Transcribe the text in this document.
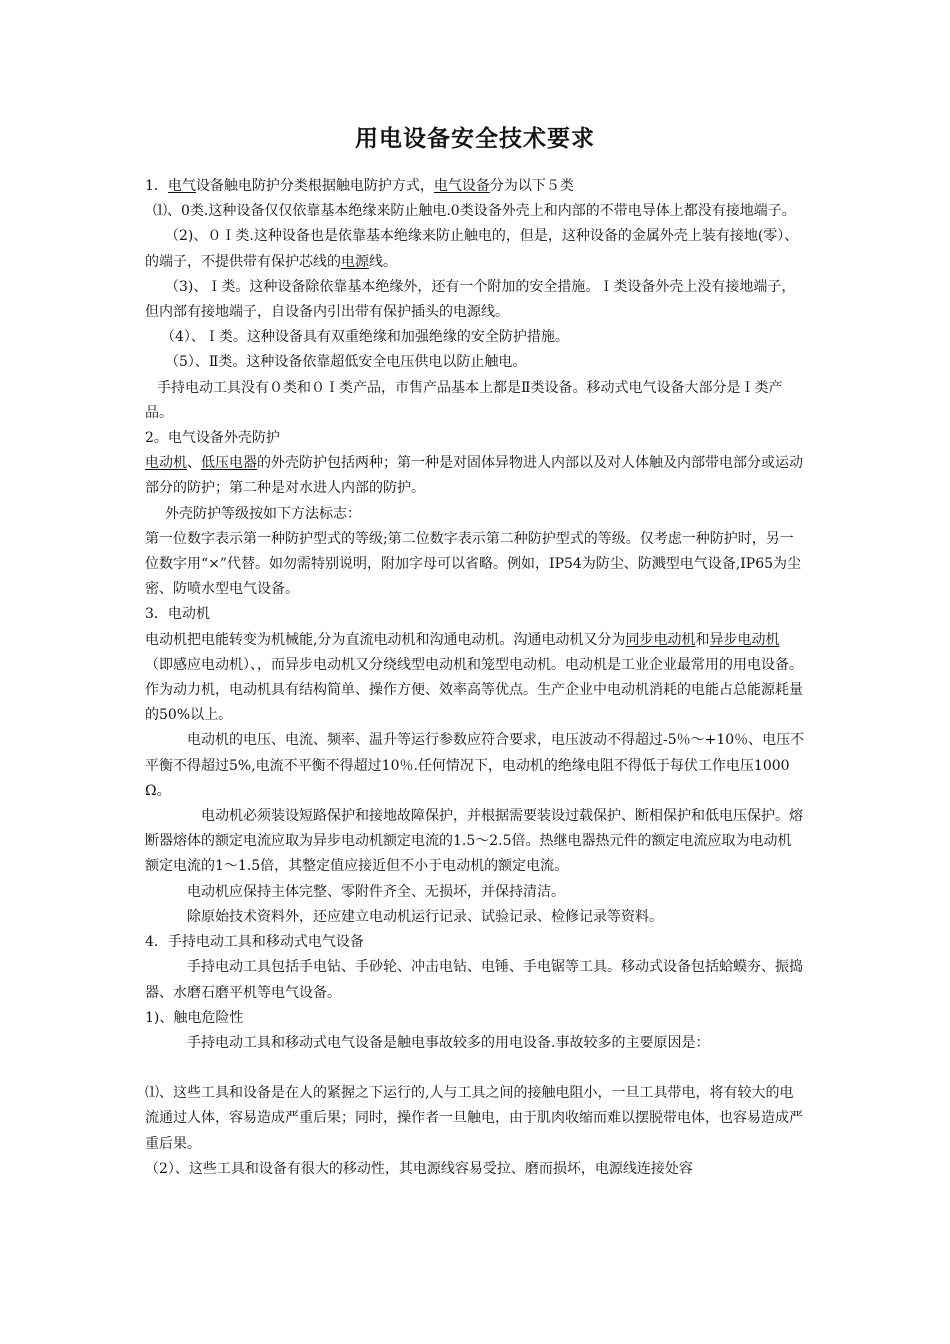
用电设备安全技术要求

1．电气设备触电防护分类根据触电防护方式，电气设备分为以下５类

⑴、0类.这种设备仅仅依靠基本绝缘来防止触电.0类设备外壳上和内部的不带电导体上都没有接地端子。

（2)、０Ｉ类.这种设备也是依靠基本绝缘来防止触电的，但是，这种设备的金属外壳上装有接地(零）、的端子，不提供带有保护芯线的电源线。

（3)、Ｉ类。这种设备除依靠基本绝缘外，还有一个附加的安全措施。Ｉ类设备外壳上没有接地端子，但内部有接地端子，自设备内引出带有保护插头的电源线。

（4）、Ｉ类。这种设备具有双重绝缘和加强绝缘的安全防护措施。

（5）、Ⅱ类。这种设备依靠超低安全电压供电以防止触电。

手持电动工具没有０类和０Ｉ类产品，市售产品基本上都是Ⅱ类设备。移动式电气设备大部分是Ｉ类产品。

2。电气设备外壳防护

电动机、低压电器的外壳防护包括两种；第一种是对固体异物进人内部以及对人体触及内部带电部分或运动部分的防护；第二种是对水进人内部的防护。

外壳防护等级按如下方法标志：

第一位数字表示第一种防护型式的等级;第二位数字表示第二种防护型式的等级。仅考虑一种防护时，另一位数字用“×”代替。如勿需特别说明，附加字母可以省略。例如，IP54为防尘、防溅型电气设备,IP65为尘密、防喷水型电气设备。

3．电动机

电动机把电能转变为机械能,分为直流电动机和沟通电动机。沟通电动机又分为同步电动机和异步电动机（即感应电动机）、，而异步电动机又分绕线型电动机和笼型电动机。电动机是工业企业最常用的用电设备。作为动力机，电动机具有结构简单、操作方便、效率高等优点。生产企业中电动机消耗的电能占总能源耗量的50%以上。

电动机的电压、电流、频率、温升等运行参数应符合要求，电压波动不得超过-5％～+10％、电压不平衡不得超过5%,电流不平衡不得超过10％.任何情况下，电动机的绝缘电阻不得低于每伏工作电压1000 Ω。

电动机必须装设短路保护和接地故障保护，并根据需要装设过载保护、断相保护和低电压保护。熔断器熔体的额定电流应取为异步电动机额定电流的1.5～2.5倍。热继电器热元件的额定电流应取为电动机额定电流的1～1.5倍，其整定值应接近但不小于电动机的额定电流。

电动机应保持主体完整、零附件齐全、无损坏，并保持清洁。

除原始技术资料外，还应建立电动机运行记录、试验记录、检修记录等资料。

4．手持电动工具和移动式电气设备

手持电动工具包括手电钻、手砂轮、冲击电钻、电锤、手电锯等工具。移动式设备包括蛤蟆夯、振捣器、水磨石磨平机等电气设备。

1)、触电危险性

手持电动工具和移动式电气设备是触电事故较多的用电设备.事故较多的主要原因是：

⑴、这些工具和设备是在人的紧握之下运行的,人与工具之间的接触电阻小，一旦工具带电，将有较大的电流通过人体，容易造成严重后果；同时，操作者一旦触电，由于肌肉收缩而难以摆脱带电体，也容易造成严重后果。

（2）、这些工具和设备有很大的移动性，其电源线容易受拉、磨而损坏，电源线连接处容
